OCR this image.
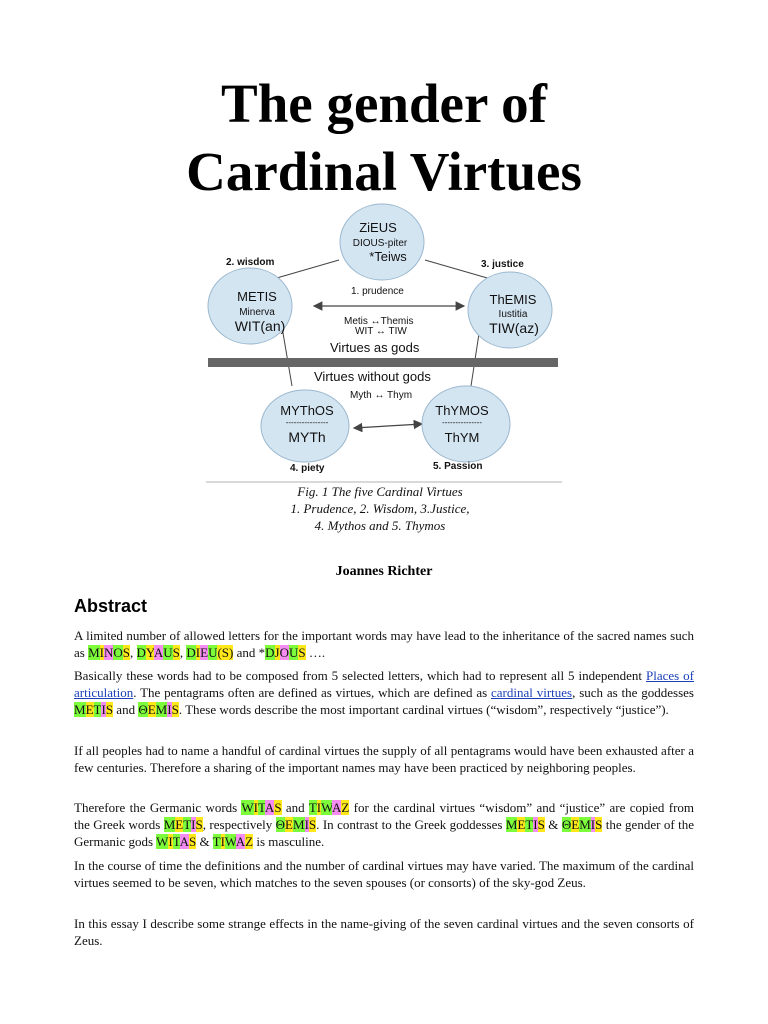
The gender of
Cardinal Virtues
ZiEUS
DIOUS-piter
*Teiws
METIS
Minerva
WIT(an)
ThEMIS
Iustitia
TIW(az)
MYThOS
----------------
MYTh
ThYMOS
---------------
ThYM
2. wisdom	3. justice
1. prudence
Metis ↔Themis
WIT ↔ TIW
Virtues as gods
Virtues without gods
Myth ↔ Thym
4. piety	5. Passion
Fig. 1 The five Cardinal Virtues
1. Prudence, 2. Wisdom, 3.Justice,
4. Mythos and 5. Thymos
Joannes Richter
Abstract
A limited number of allowed letters for the important words may have lead to the inheritance of the sacred names such as MINOS, DYAUS, DIEU(S) and *DJOUS ….
Basically these words had to be composed from 5 selected letters, which had to represent all 5 independent Places of articulation. The pentagrams often are defined as virtues, which are defined as cardinal virtues, such as the goddesses METIS and ΘEMIS. These words describe the most important cardinal virtues (“wisdom”, respectively “justice”).
If all peoples had to name a handful of cardinal virtues the supply of all pentagrams would have been exhausted after a few centuries. Therefore a sharing of the important names may have been practiced by neighboring peoples.
Therefore the Germanic words WITAS and TIWAZ for the cardinal virtues “wisdom” and “justice” are copied from the Greek words METIS, respectively ΘEMIS. In contrast to the Greek goddesses METIS & ΘEMIS the gender of the Germanic gods WITAS & TIWAZ is masculine.
In the course of time the definitions and the number of cardinal virtues may have varied. The maximum of the cardinal virtues seemed to be seven, which matches to the seven spouses (or consorts) of the sky-god Zeus.
In this essay I describe some strange effects in the name-giving of the seven cardinal virtues and the seven consorts of Zeus.
